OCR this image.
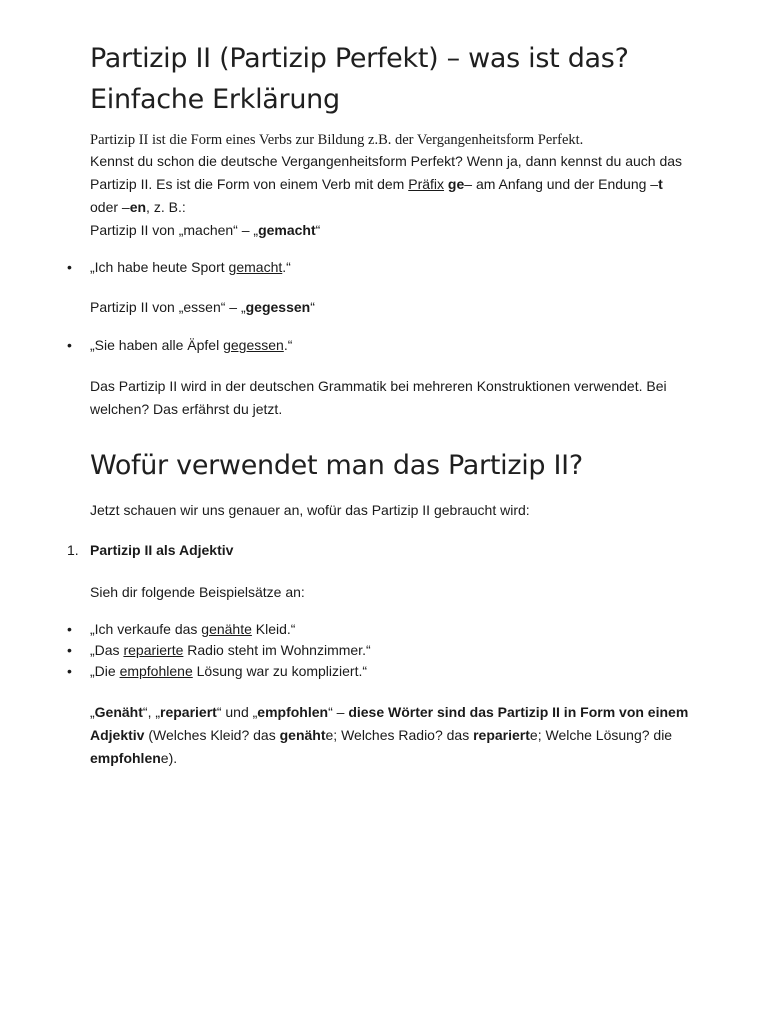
Partizip II (Partizip Perfekt) – was ist das?
Einfache Erklärung

Partizip II ist die Form eines Verbs zur Bildung z.B. der Vergangenheitsform Perfekt.

Kennst du schon die deutsche Vergangenheitsform Perfekt? Wenn ja, dann kennst du auch das Partizip II. Es ist die Form von einem Verb mit dem Präfix ge– am Anfang und der Endung –t oder –en, z. B.:
Partizip II von „machen“ – „gemacht“

• „Ich habe heute Sport gemacht.“

Partizip II von „essen“ – „gegessen“

• „Sie haben alle Äpfel gegessen.“

Das Partizip II wird in der deutschen Grammatik bei mehreren Konstruktionen verwendet. Bei welchen? Das erfährst du jetzt.

Wofür verwendet man das Partizip II?

Jetzt schauen wir uns genauer an, wofür das Partizip II gebraucht wird:

1. Partizip II als Adjektiv

Sieh dir folgende Beispielsätze an:

• „Ich verkaufe das genähte Kleid.“
• „Das reparierte Radio steht im Wohnzimmer.“
• „Die empfohlene Lösung war zu kompliziert.“

„Genäht“, „repariert“ und „empfohlen“ – diese Wörter sind das Partizip II in Form von einem Adjektiv (Welches Kleid? das genähte; Welches Radio? das reparierte; Welche Lösung? die empfohlene).
